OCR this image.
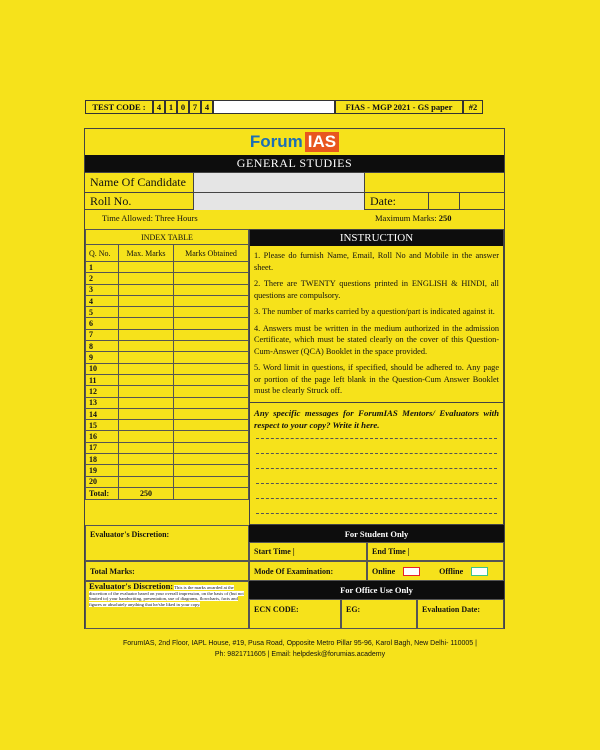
TEST CODE :	4 1 0 7 4	FIAS - MGP 2021 - GS paper	#2
Forum IAS
GENERAL STUDIES
Name Of Candidate
Roll No.	Date:
Time Allowed: Three Hours	Maximum Marks: 250
INDEX TABLE		
Q. No.	Max. Marks	Marks Obtained
1		
2		
3		
4		
5		
6		
7		
8		
9		
10		
11		
12		
13		
14		
15		
16		
17		
18		
19		
20		
Total:	250	
INSTRUCTION

1. Please do furnish Name, Email, Roll No and Mobile in the answer sheet.

2. There are TWENTY questions printed in ENGLISH & HINDI, all questions are compulsory.

3. The number of marks carried by a question/part is indicated against it.

4. Answers must be written in the medium authorized in the admission Certificate, which must be stated clearly on the cover of this Question-Cum-Answer (QCA) Booklet in the space provided.

5. Word limit in questions, if specified, should be adhered to. Any page or portion of the page left blank in the Question-Cum Answer Booklet must be clearly Struck off.

Any specific messages for ForumIAS Mentors/ Evaluators with respect to your copy? Write it here.
Evaluator's Discretion:
Total Marks:
Evaluator's Discretion: This is the marks awarded at the discretion of the evaluator based on your overall impression, on the basis of (but not limited to) your handwriting, presentation, use of diagrams, flowcharts, facts and figures or absolutely anything that he/she liked in your copy.
For Student Only
Start Time |	End Time |
Mode Of Examination:	Online	Offline
For Office Use Only
ECN CODE:	EG:	Evaluation Date:
ForumIAS, 2nd Floor, IAPL House, #19, Pusa Road, Opposite Metro Pillar 95-96, Karol Bagh, New Delhi- 110005 |
Ph: 9821711605 | Email: helpdesk@forumias.academy
